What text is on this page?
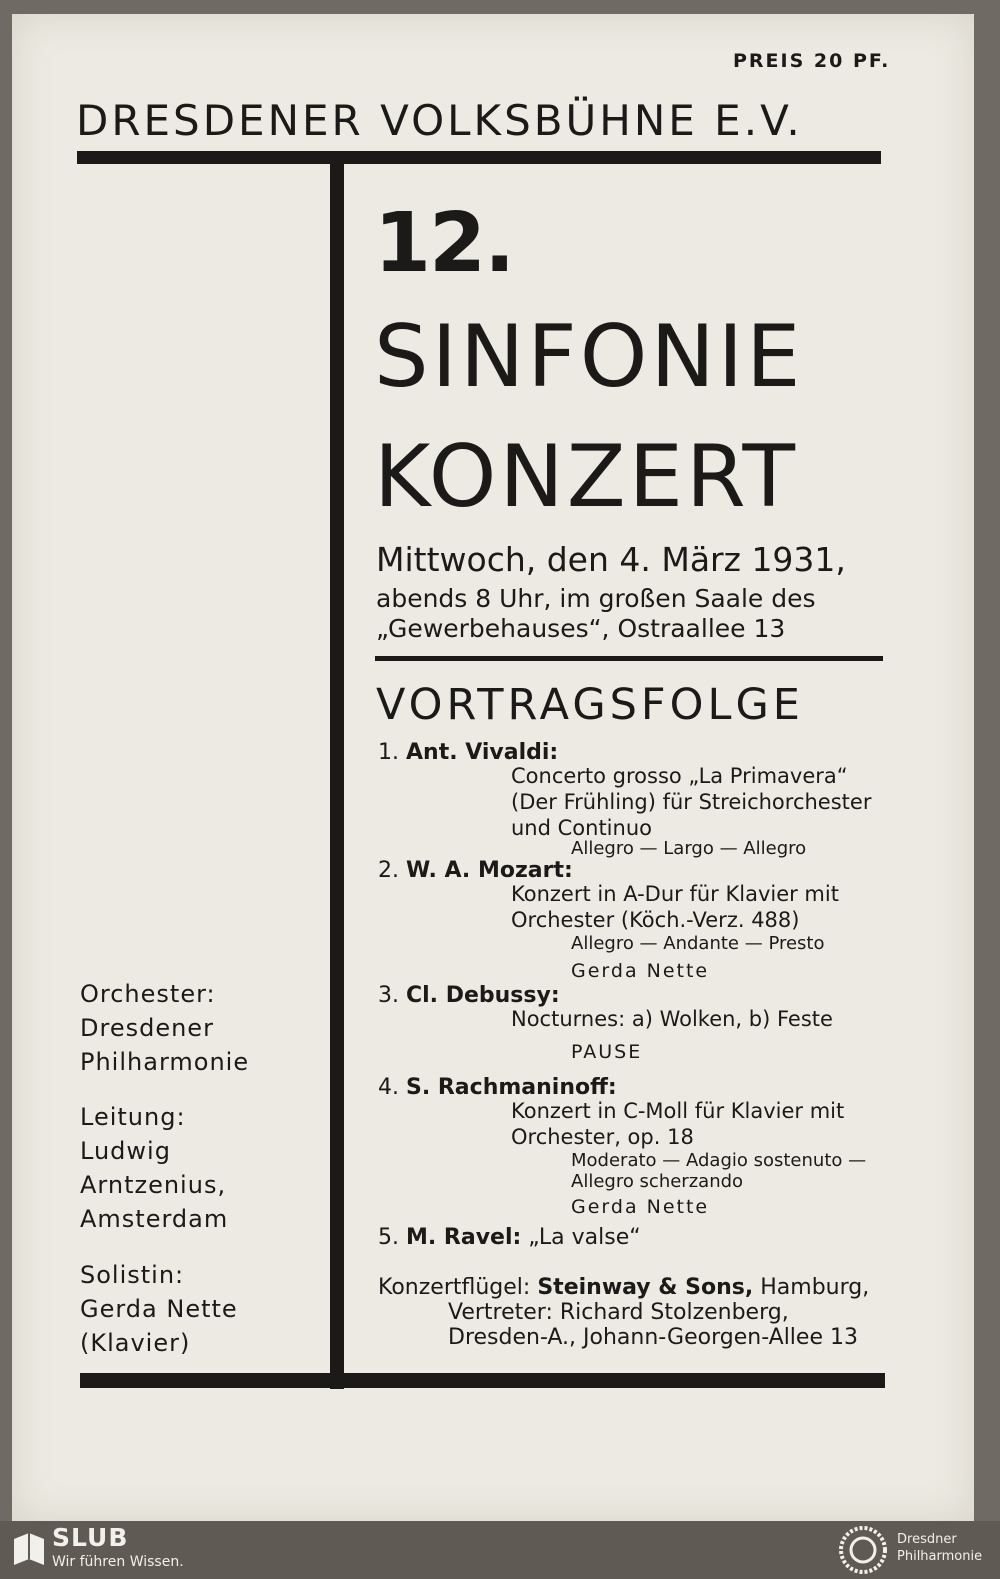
PREIS 20 PF.
DRESDENER VOLKSBÜHNE E.V.
12.
SINFONIE
KONZERT
Mittwoch, den 4. März 1931,
abends 8 Uhr, im großen Saale des
„Gewerbehauses“, Ostraallee 13
VORTRAGSFOLGE
1. Ant. Vivaldi:
Concerto grosso „La Primavera“
(Der Frühling) für Streichorchester
und Continuo
Allegro — Largo — Allegro
2. W. A. Mozart:
Konzert in A-Dur für Klavier mit
Orchester (Köch.-Verz. 488)
Allegro — Andante — Presto
Gerda Nette
3. Cl. Debussy:
Nocturnes: a) Wolken, b) Feste
PAUSE
4. S. Rachmaninoff:
Konzert in C-Moll für Klavier mit
Orchester, op. 18
Moderato — Adagio sostenuto —
Allegro scherzando
Gerda Nette
5. M. Ravel: „La valse“
Konzertflügel: Steinway & Sons, Hamburg,
Vertreter: Richard Stolzenberg,
Dresden-A., Johann-Georgen-Allee 13
Orchester:
Dresdener
Philharmonie
Leitung:
Ludwig
Arntzenius,
Amsterdam
Solistin:
Gerda Nette
(Klavier)
SLUB
Wir führen Wissen.
Dresdner
Philharmonie
